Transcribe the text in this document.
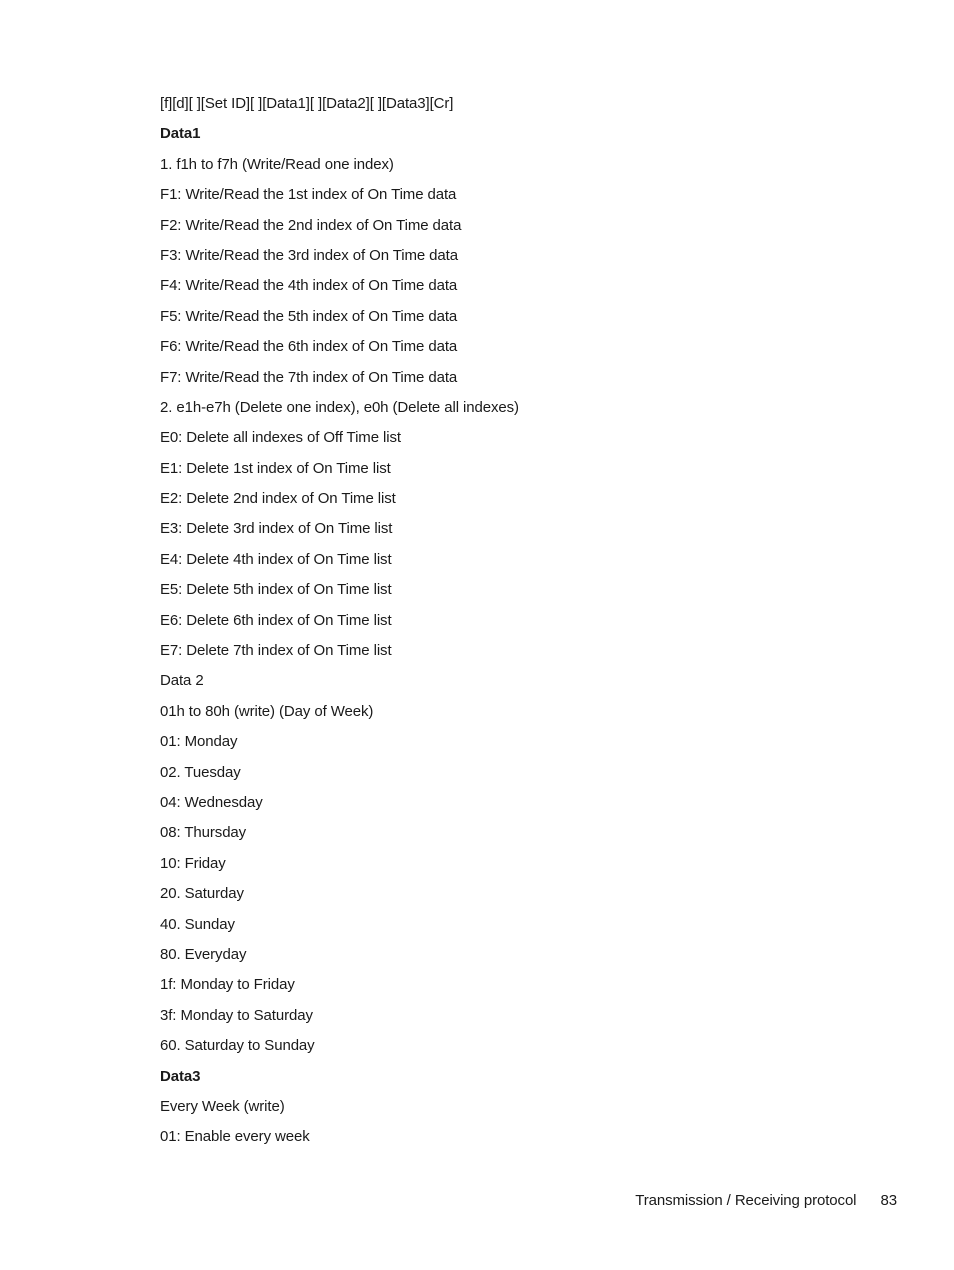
[f][d][ ][Set ID][ ][Data1][ ][Data2][ ][Data3][Cr]
Data1
1. f1h to f7h (Write/Read one index)
F1: Write/Read the 1st index of On Time data
F2: Write/Read the 2nd index of On Time data
F3: Write/Read the 3rd index of On Time data
F4: Write/Read the 4th index of On Time data
F5: Write/Read the 5th index of On Time data
F6: Write/Read the 6th index of On Time data
F7: Write/Read the 7th index of On Time data
2. e1h-e7h (Delete one index), e0h (Delete all indexes)
E0: Delete all indexes of Off Time list
E1: Delete 1st index of On Time list
E2: Delete 2nd index of On Time list
E3: Delete 3rd index of On Time list
E4: Delete 4th index of On Time list
E5: Delete 5th index of On Time list
E6: Delete 6th index of On Time list
E7: Delete 7th index of On Time list
Data 2
01h to 80h (write) (Day of Week)
01: Monday
02. Tuesday
04: Wednesday
08: Thursday
10: Friday
20. Saturday
40. Sunday
80. Everyday
1f: Monday to Friday
3f: Monday to Saturday
60. Saturday to Sunday
Data3
Every Week (write)
01: Enable every week
Transmission / Receiving protocol 83
